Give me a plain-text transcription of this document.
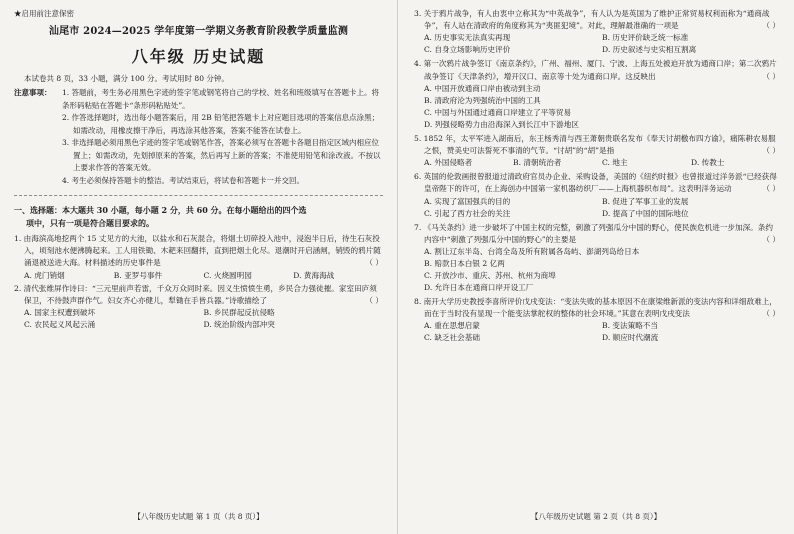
★启用前注意保密
汕尾市 2024—2025 学年度第一学期义务教育阶段教学质量监测
八年级 历史试题
本试卷共 8 页，33 小题，满分 100 分。考试用时 80 分钟。
注意事项：	1. 答题前，考生务必用黑色字迹的签字笔或钢笔将自己的学校、姓名和班级填写在答题卡上。将条形码粘贴在答题卡“条形码粘贴处”。
2. 作答选择题时，选出每小题答案后，用 2B 铅笔把答题卡上对应题目选项的答案信息点涂黑；如需改动，用橡皮擦干净后，再选涂其他答案，答案不能答在试卷上。
3. 非选择题必须用黑色字迹的签字笔或钢笔作答，答案必须写在答题卡各题目指定区域内相应位置上；如需改动，先划掉原来的答案，然后再写上新的答案；不准使用铅笔和涂改液。不按以上要求作答的答案无效。
4. 考生必须保持答题卡的整洁。考试结束后，将试卷和答题卡一并交回。
一、选择题：本大题共 30 小题，每小题 2 分，共 60 分。在每小题给出的四个选
项中，只有一项是符合题目要求的。
1. 由海滨高地挖两个 15 丈见方的大池，以盐水和石灰混合，将烟土切碎投入池中，浸泡半日后，待生石灰投入，顷刻池水便沸腾起来。工人用铁锄、木耙来回翻拌，直到把烟土化尽。退潮时开启涵闸，销毁的鸦片随涌退被送进大海。材料描述的历史事件是	（ ）
A. 虎门销烟	B. 亚罗号事件	C. 火烧圆明园	D. 黄海海战
2. 清代张维屏作诗曰：“三元里前声若雷，千众万众同时来。因义生愤愤生勇，乡民合力强徒摧。家室田庐须保卫，不待鼓声群作气。妇女齐心亦健儿，犁锄在手皆兵器。”诗歌描绘了	（ ）
A. 国家主权遭到破坏	B. 乡民群起反抗侵略
C. 农民起义风起云涌	D. 统治阶级内部冲突
【八年级历史试题 第 1 页（共 8 页）】
3. 关于鸦片战争，有人由衷中立称其为“中英战争”，有人认为是英国为了维护正常贸易权利而称为“通商战争”，有人站在清政府的角度称其为“夷匪犯境”。对此，理解最准确的一项是	（ ）
A. 历史事实无法真实再现	B. 历史评价缺乏统一标准
C. 自身立场影响历史评价	D. 历史叙述与史实相互割离
4. 第一次鸦片战争签订《南京条约》，广州、福州、厦门、宁波、上海五处被迫开放为通商口岸；第二次鸦片战争签订《天津条约》，增开汉口、南京等十处为通商口岸。这反映出	（ ）
A. 中国开放通商口岸由被动到主动
B. 清政府沦为列强统治中国的工具
C. 中国与外国通过通商口岸建立了平等贸易
D. 列强侵略势力由沿海深入到长江中下游地区
5. 1852 年，太平军进入湖南后，东王杨秀清与西王萧朝贵联名发布《奉天讨胡檄布四方谕》，痛陈耕农易服之恨，赞美史可法誓死不事清的气节。“讨胡”的“胡”是指	（ ）
A. 外国侵略者	B. 清朝统治者	C. 地主	D. 传教士
6. 英国的伦敦画报曾报道过清政府官员办企业、采购设备，美国的《纽约时报》也曾报道过洋务派“已经获得皇帝陛下的许可，在上海创办中国第一家机器纺织厂——上海机器织布局”。这表明洋务运动	（ ）
A. 实现了富国强兵的目的	B. 促进了军事工业的发展
C. 引起了西方社会的关注	D. 提高了中国的国际地位
7. 《马关条约》进一步破坏了中国主权的完整，刺激了列强瓜分中国的野心，使民族危机进一步加深。条约内容中“刺激了列强瓜分中国的野心”的主要是	（ ）
A. 割让辽东半岛、台湾全岛及所有附属各岛屿、澎湖列岛给日本
B. 赔款日本白银 2 亿两
C. 开放沙市、重庆、苏州、杭州为商埠
D. 允许日本在通商口岸开设工厂
8. 南开大学历史教授李喜所评价戊戌变法：“变法失败的基本原因不在康梁维新派的变法内容和详细敌难上，而在于当时没有显现一个能变法掌舵权的整体的社会环境。”其意在表明戊戌变法	（ ）
A. 重在思想启蒙	B. 变法策略不当
C. 缺乏社会基础	D. 顺应时代潮流
【八年级历史试题 第 2 页（共 8 页）】
